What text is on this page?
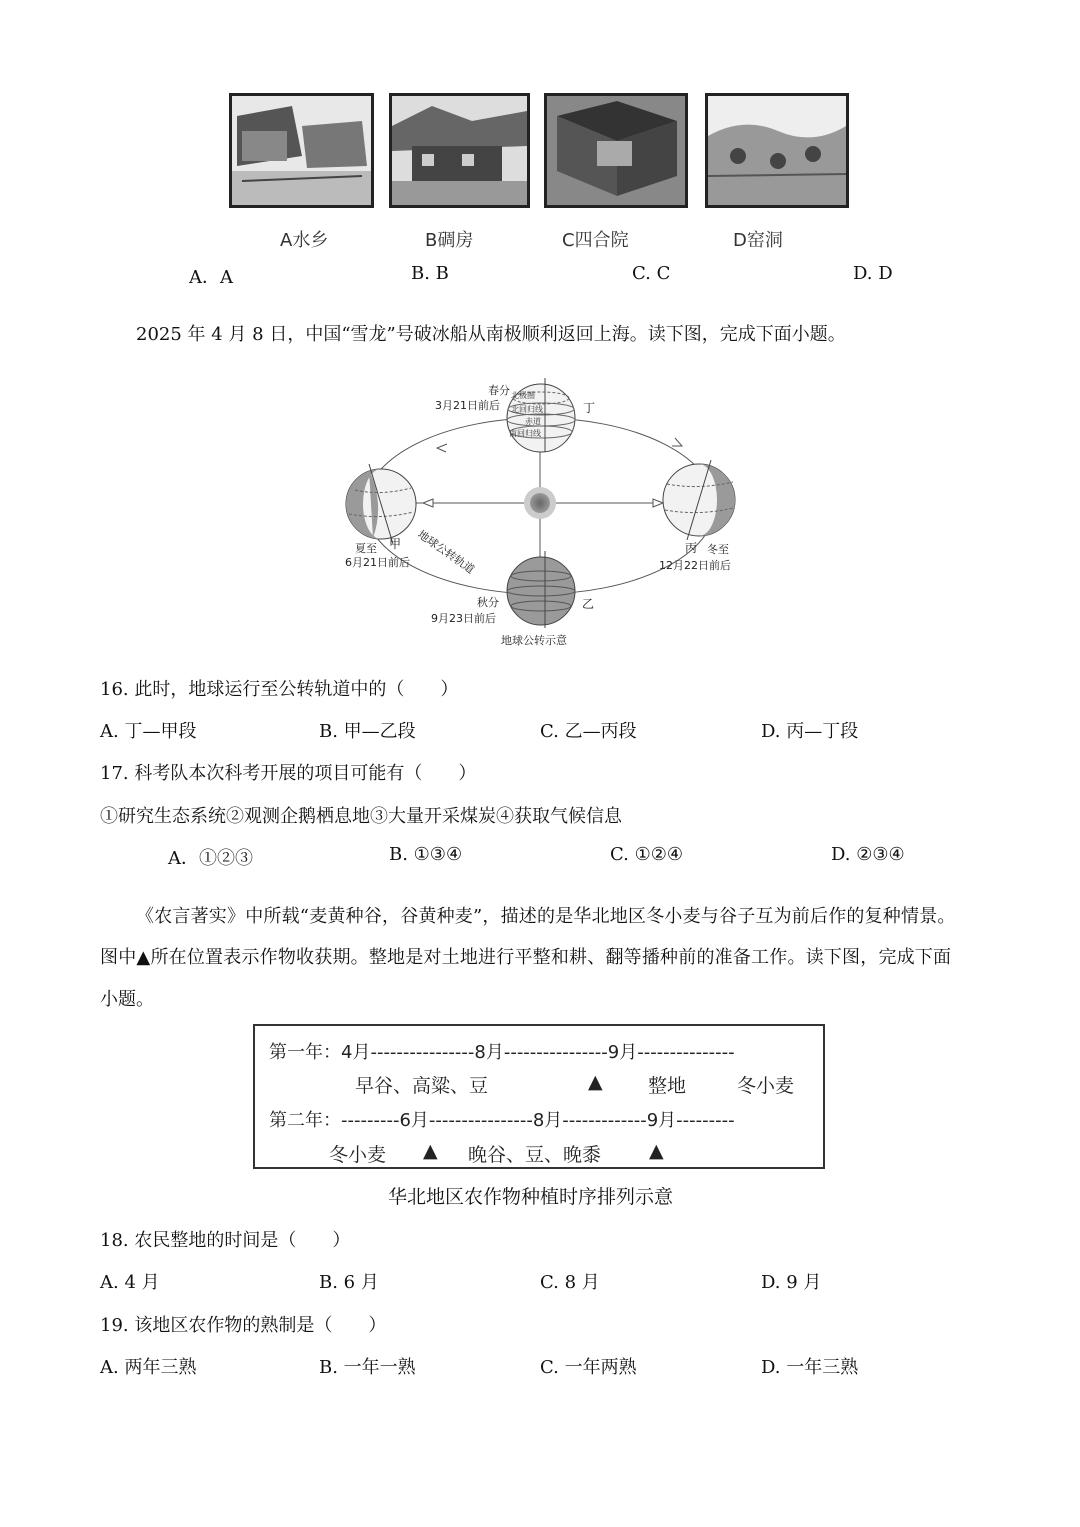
A水乡	B碉房	C四合院	D窑洞
A．A	B. B	C. C	D. D
2025 年 4 月 8 日，中国“雪龙”号破冰船从南极顺利返回上海。读下图，完成下面小题。
北极圈
北回归线
赤道
南回归线
春分
3月21日前后	丁
夏至 甲
6月21日前后
丙 冬至
12月22日前后
秋分
9月23日前后
乙
地球公转轨道
地球公转示意
16. 此时，地球运行至公转轨道中的（　　）
A. 丁—甲段	B. 甲—乙段	C. 乙—丙段	D. 丙—丁段
17. 科考队本次科考开展的项目可能有（　　）
①研究生态系统②观测企鹅栖息地③大量开采煤炭④获取气候信息
A．①②③	B. ①③④	C. ①②④	D. ②③④
《农言著实》中所载“麦黄种谷，谷黄种麦”，描述的是华北地区冬小麦与谷子互为前后作的复种情景。
图中▲所在位置表示作物收获期。整地是对土地进行平整和耕、翻等播种前的准备工作。读下图，完成下面
小题。
第一年：4月----------------8月----------------9月---------------
早谷、高粱、豆	▲ 整地	冬小麦
第二年：---------6月----------------8月-------------9月---------
冬小麦 ▲ 晚谷、豆、晚黍	▲
华北地区农作物种植时序排列示意
18. 农民整地的时间是（　　）
A. 4 月	B. 6 月	C. 8 月	D. 9 月
19. 该地区农作物的熟制是（　　）
A. 两年三熟	B. 一年一熟	C. 一年两熟	D. 一年三熟
